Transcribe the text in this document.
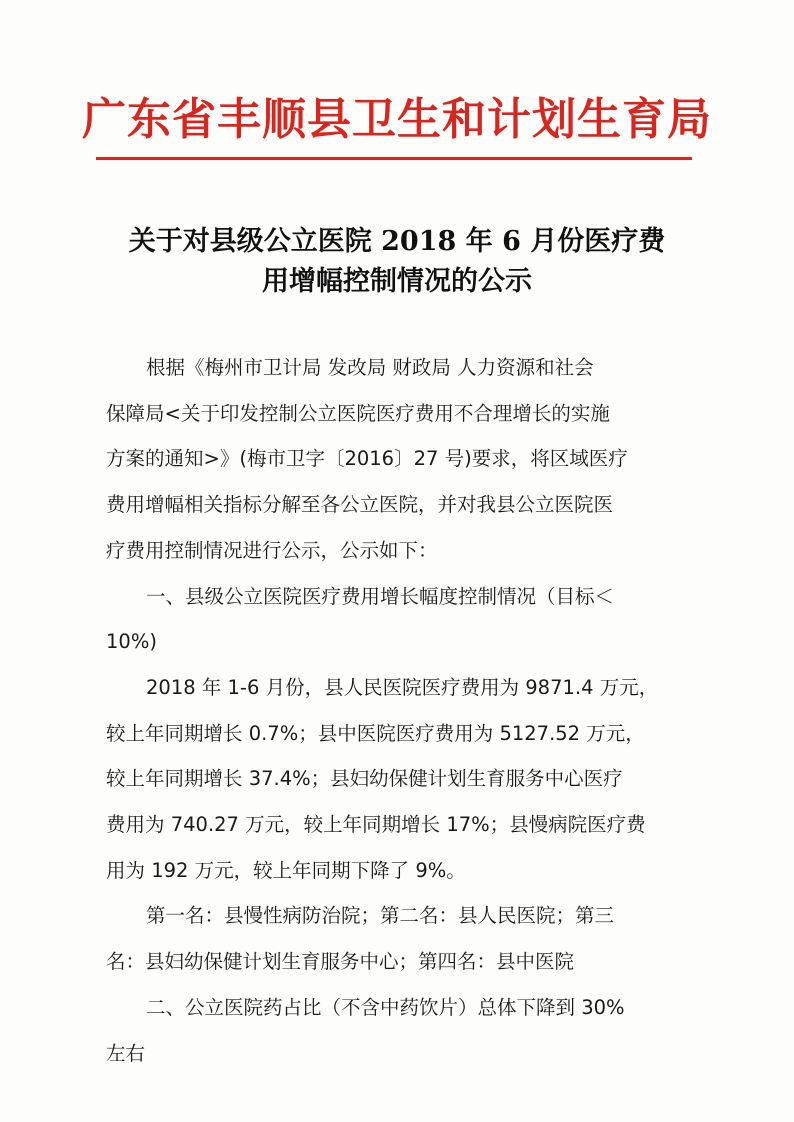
广东省丰顺县卫生和计划生育局
关于对县级公立医院 2018 年 6 月份医疗费
用增幅控制情况的公示
根据《梅州市卫计局 发改局 财政局 人力资源和社会
保障局<关于印发控制公立医院医疗费用不合理增长的实施
方案的通知>》(梅市卫字〔2016〕27 号)要求，将区域医疗
费用增幅相关指标分解至各公立医院，并对我县公立医院医
疗费用控制情况进行公示，公示如下：
一、县级公立医院医疗费用增长幅度控制情况（目标＜
10%)
2018 年 1-6 月份，县人民医院医疗费用为 9871.4 万元，
较上年同期增长 0.7%；县中医院医疗费用为 5127.52 万元，
较上年同期增长 37.4%；县妇幼保健计划生育服务中心医疗
费用为 740.27 万元，较上年同期增长 17%；县慢病院医疗费
用为 192 万元，较上年同期下降了 9%。
第一名：县慢性病防治院；第二名：县人民医院；第三
名：县妇幼保健计划生育服务中心；第四名：县中医院
二、公立医院药占比（不含中药饮片）总体下降到 30%
左右
